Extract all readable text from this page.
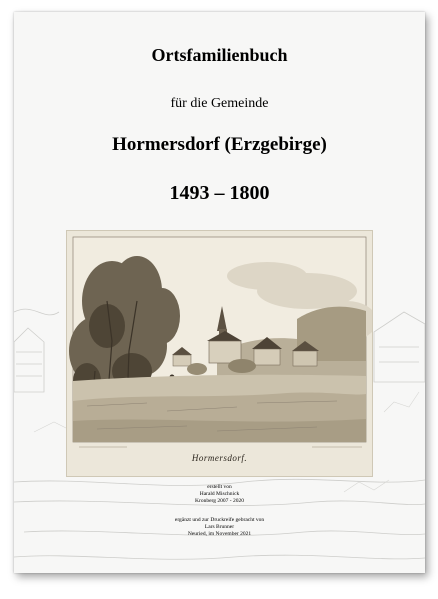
Ortsfamilienbuch

für die Gemeinde

Hormersdorf (Erzgebirge)
1493 – 1800
Hormersdorf.
erstellt von
Harald Mischnick
Kronberg 2007 - 2020
ergänzt und zur Druckreife gebracht von
Lars Brunner
Neuried, im November 2021
